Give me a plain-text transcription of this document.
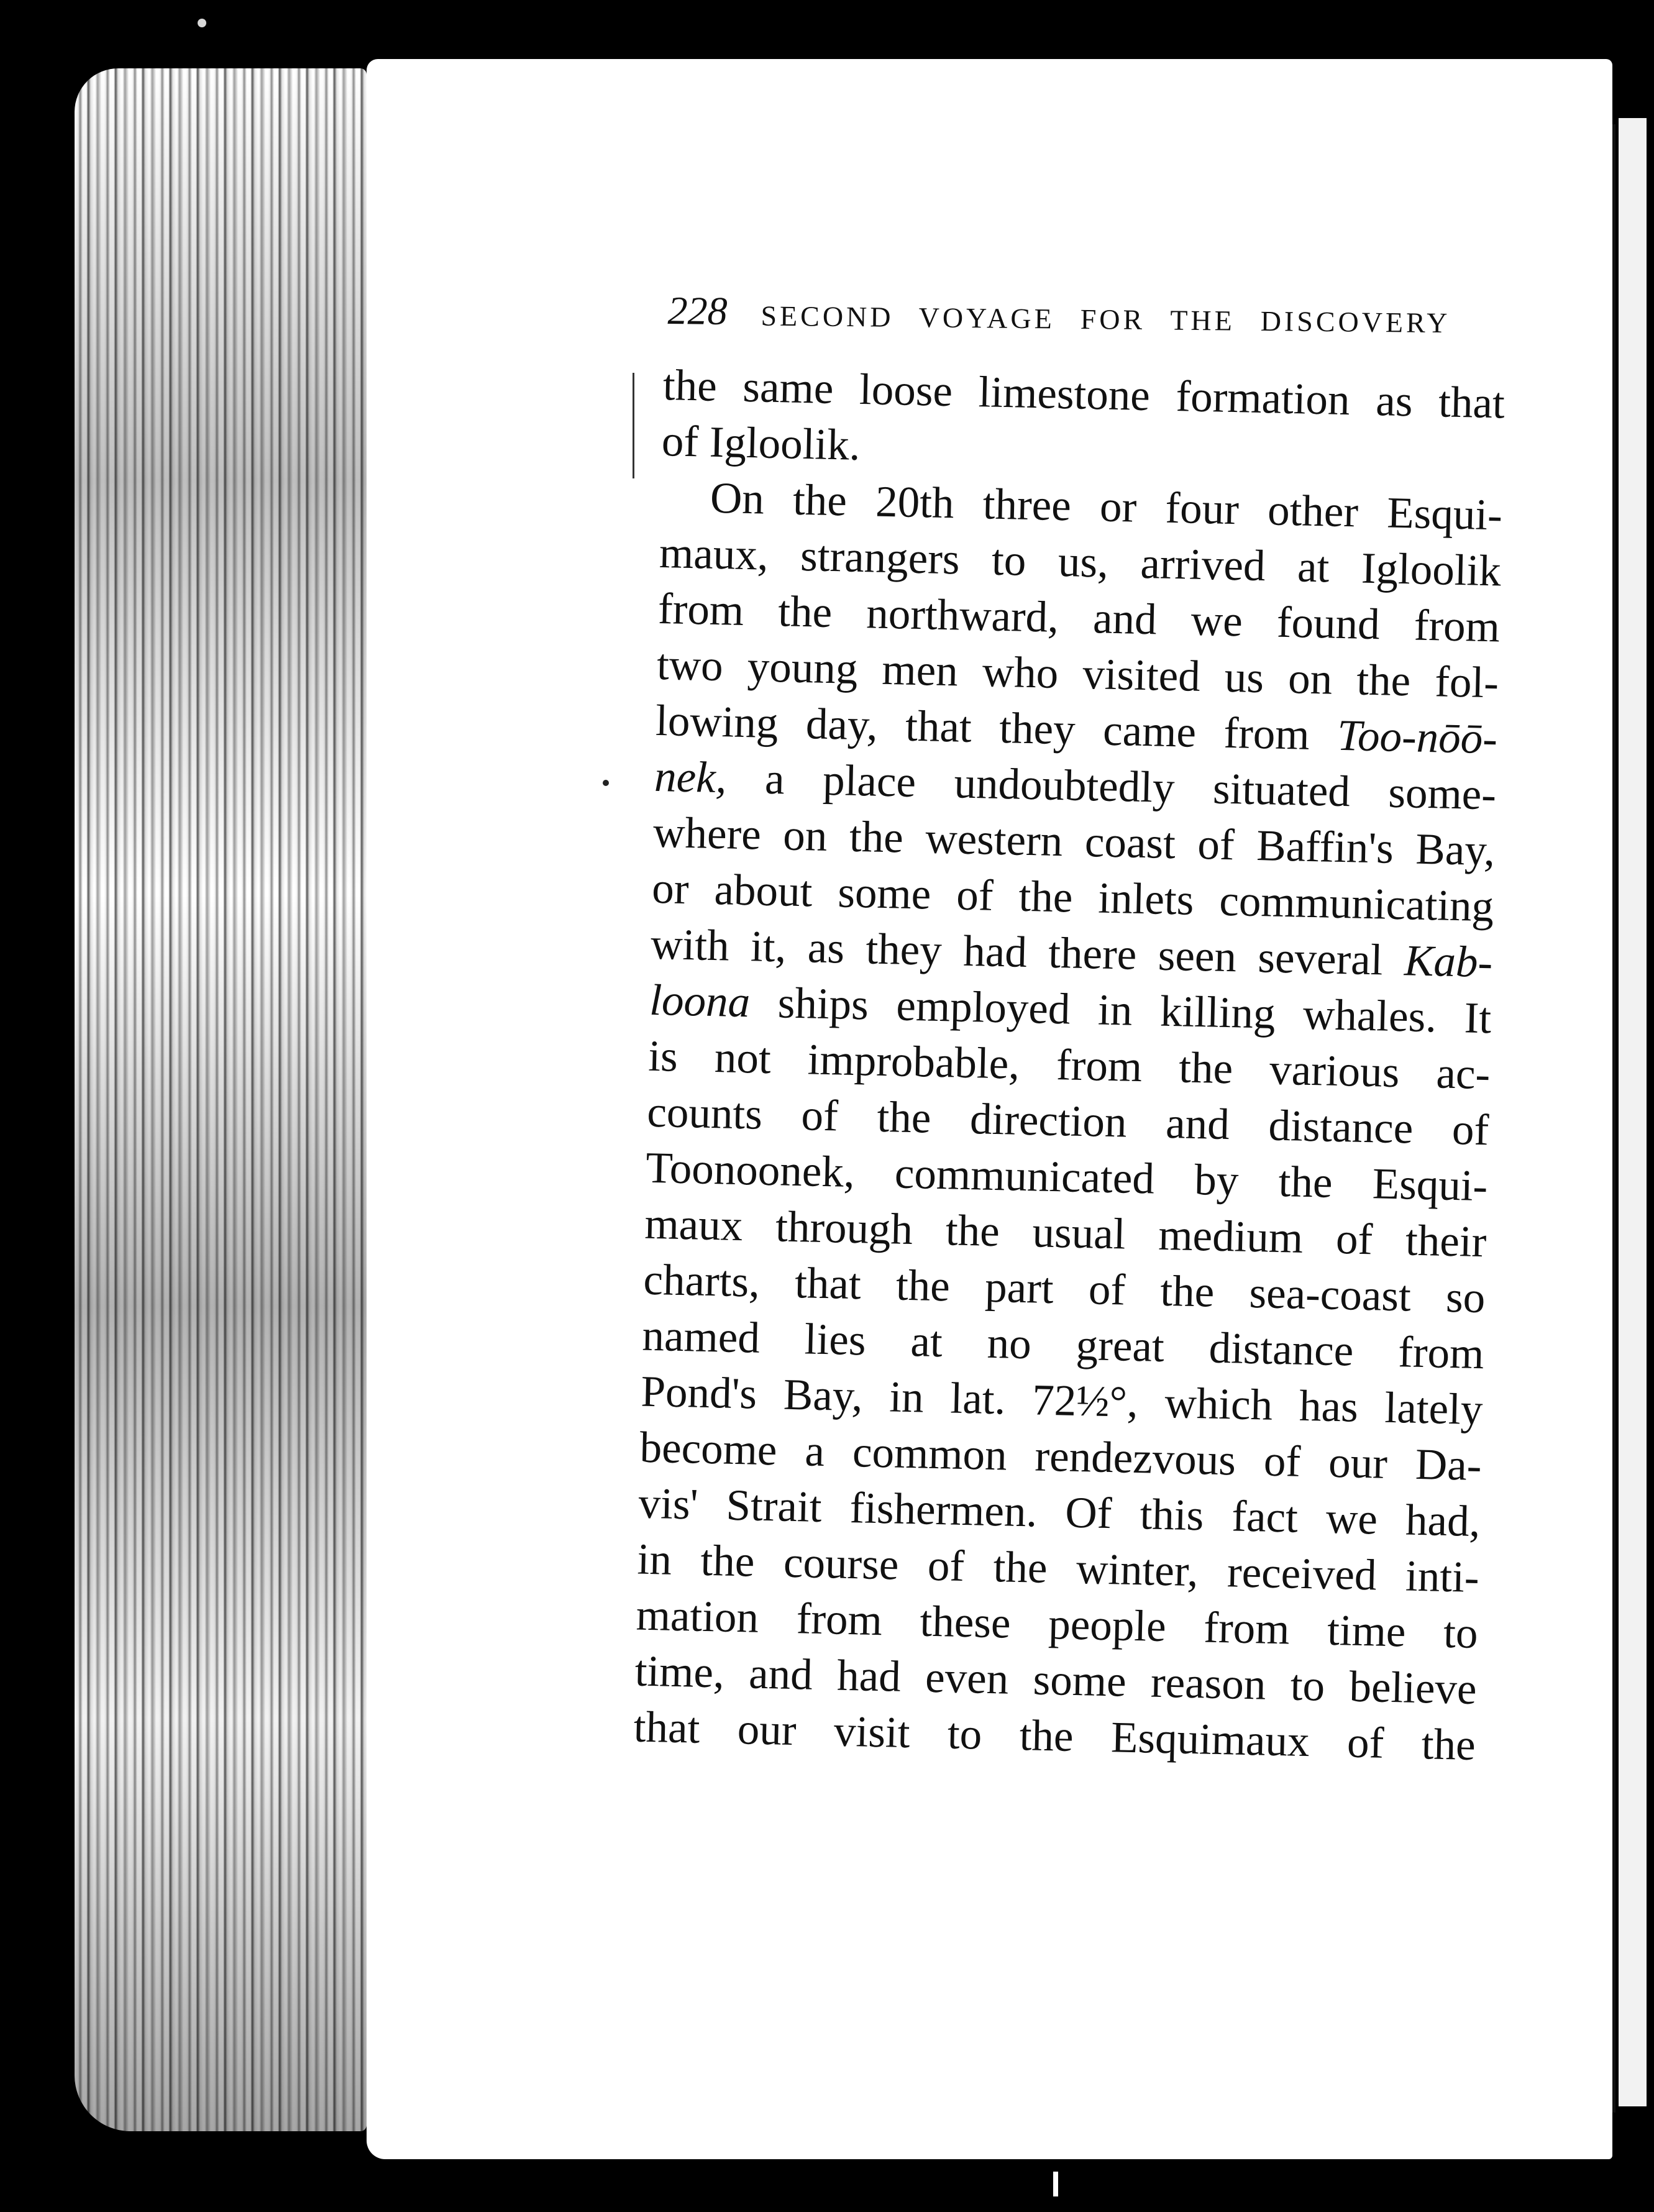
228 SECOND VOYAGE FOR THE DISCOVERY
the same loose limestone formation as that
of Igloolik.
On the 20th three or four other Esqui-
maux, strangers to us, arrived at Igloolik
from the northward, and we found from
two young men who visited us on the fol-
lowing day, that they came from Too-nōō-
nek, a place undoubtedly situated some-
where on the western coast of Baffin's Bay,
or about some of the inlets communicating
with it, as they had there seen several Kab-
loona ships employed in killing whales. It
is not improbable, from the various ac-
counts of the direction and distance of
Toonoonek, communicated by the Esqui-
maux through the usual medium of their
charts, that the part of the sea-coast so
named lies at no great distance from
Pond's Bay, in lat. 72½°, which has lately
become a common rendezvous of our Da-
vis' Strait fishermen. Of this fact we had,
in the course of the winter, received inti-
mation from these people from time to
time, and had even some reason to believe
that our visit to the Esquimaux of the
